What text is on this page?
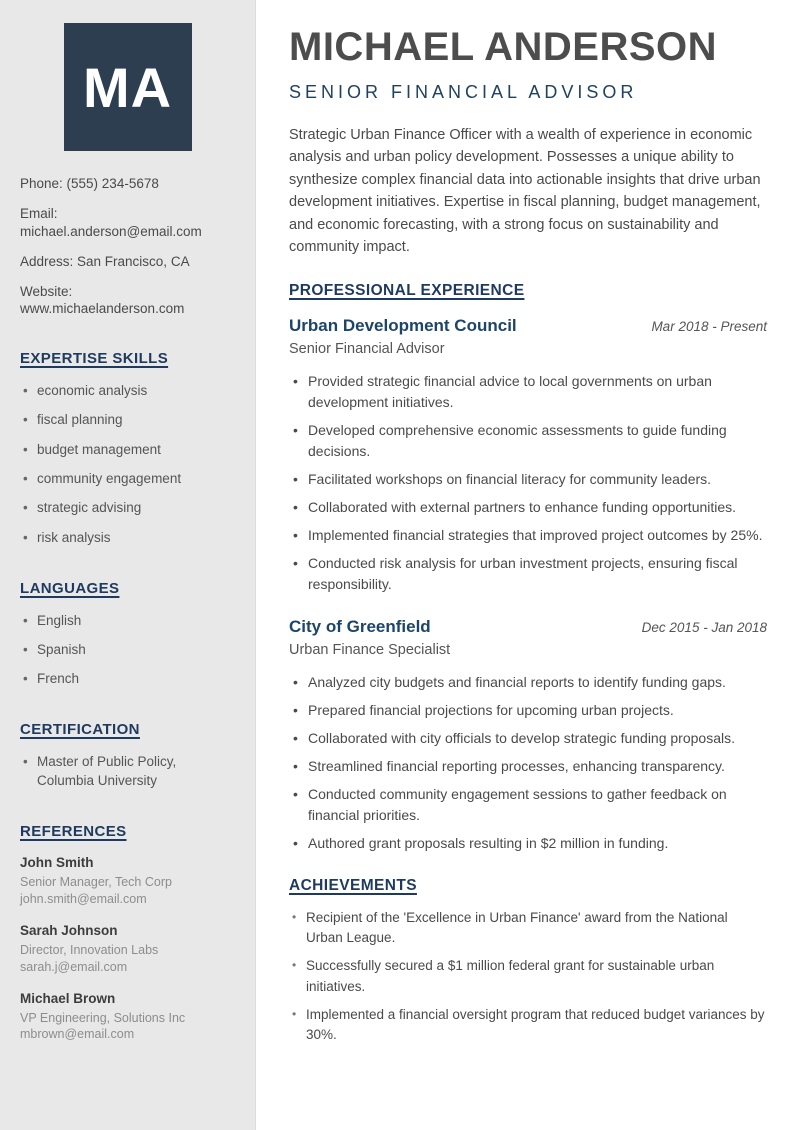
MA
Phone: (555) 234-5678
Email: michael.anderson@email.com
Address: San Francisco, CA
Website: www.michaelanderson.com
EXPERTISE SKILLS
• economic analysis
• fiscal planning
• budget management
• community engagement
• strategic advising
• risk analysis
LANGUAGES
• English
• Spanish
• French
CERTIFICATION
• Master of Public Policy, Columbia University
REFERENCES
John Smith
Senior Manager, Tech Corp
john.smith@email.com
Sarah Johnson
Director, Innovation Labs
sarah.j@email.com
Michael Brown
VP Engineering, Solutions Inc
mbrown@email.com
MICHAEL ANDERSON
SENIOR FINANCIAL ADVISOR

Strategic Urban Finance Officer with a wealth of experience in economic analysis and urban policy development. Possesses a unique ability to synthesize complex financial data into actionable insights that drive urban development initiatives. Expertise in fiscal planning, budget management, and economic forecasting, with a strong focus on sustainability and community impact.

PROFESSIONAL EXPERIENCE
Urban Development Council	Mar 2018 - Present
Senior Financial Advisor
• Provided strategic financial advice to local governments on urban development initiatives.
• Developed comprehensive economic assessments to guide funding decisions.
• Facilitated workshops on financial literacy for community leaders.
• Collaborated with external partners to enhance funding opportunities.
• Implemented financial strategies that improved project outcomes by 25%.
• Conducted risk analysis for urban investment projects, ensuring fiscal responsibility.
City of Greenfield	Dec 2015 - Jan 2018
Urban Finance Specialist
• Analyzed city budgets and financial reports to identify funding gaps.
• Prepared financial projections for upcoming urban projects.
• Collaborated with city officials to develop strategic funding proposals.
• Streamlined financial reporting processes, enhancing transparency.
• Conducted community engagement sessions to gather feedback on financial priorities.
• Authored grant proposals resulting in $2 million in funding.
ACHIEVEMENTS
• Recipient of the 'Excellence in Urban Finance' award from the National Urban League.
• Successfully secured a $1 million federal grant for sustainable urban initiatives.
• Implemented a financial oversight program that reduced budget variances by 30%.
